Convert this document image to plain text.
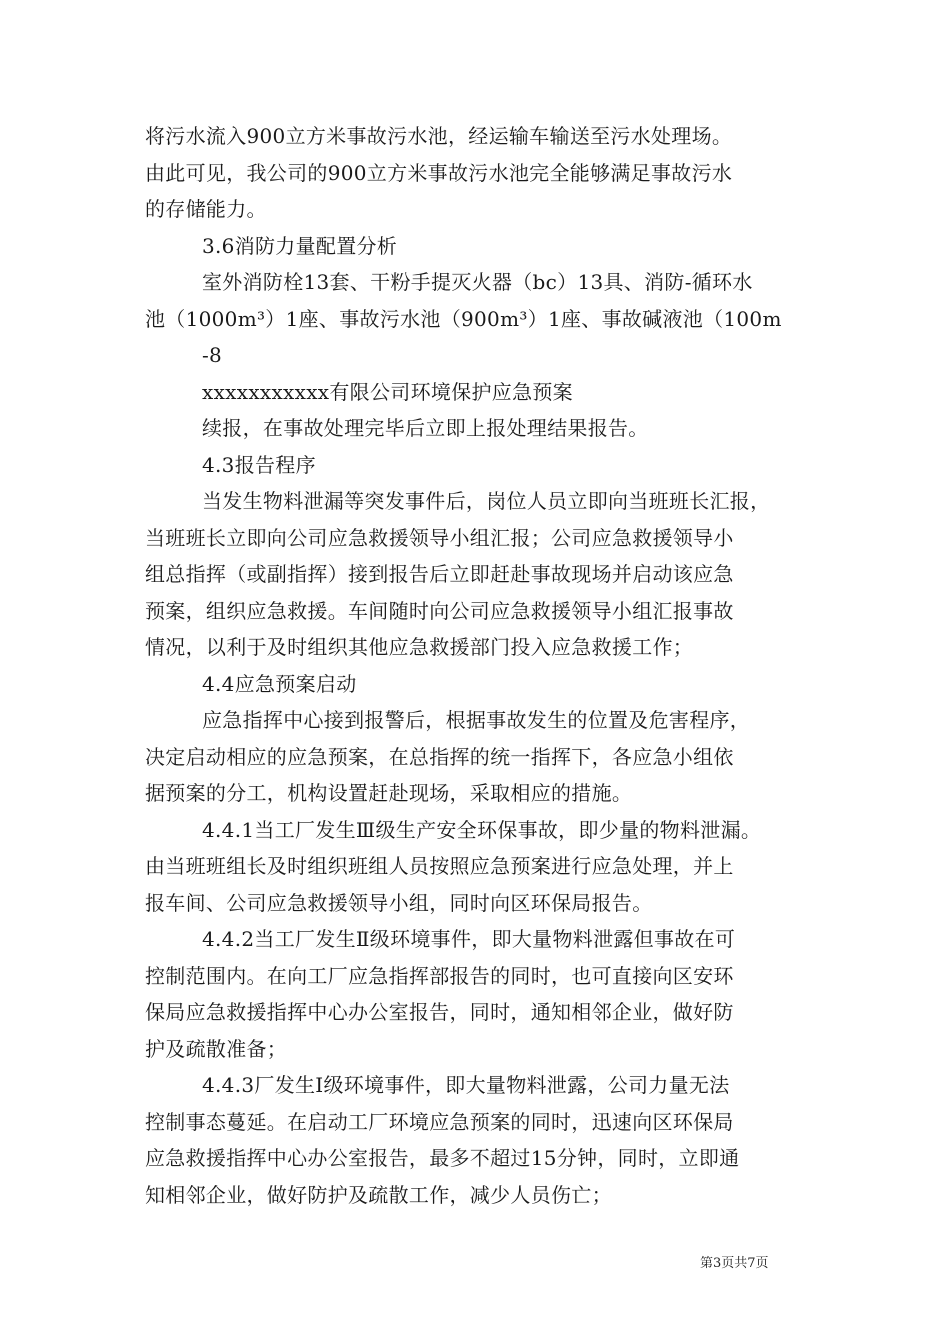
将污水流入900立方米事故污水池，经运输车输送至污水处理场。
由此可见，我公司的900立方米事故污水池完全能够满足事故污水
的存储能力。
3.6消防力量配置分析
室外消防栓13套、干粉手提灭火器（bc）13具、消防-循环水
池（1000m³）1座、事故污水池（900m³）1座、事故碱液池（100m
-8
xxxxxxxxxxx有限公司环境保护应急预案
续报，在事故处理完毕后立即上报处理结果报告。
4.3报告程序
当发生物料泄漏等突发事件后，岗位人员立即向当班班长汇报，
当班班长立即向公司应急救援领导小组汇报；公司应急救援领导小
组总指挥（或副指挥）接到报告后立即赶赴事故现场并启动该应急
预案，组织应急救援。车间随时向公司应急救援领导小组汇报事故
情况，以利于及时组织其他应急救援部门投入应急救援工作；
4.4应急预案启动
应急指挥中心接到报警后，根据事故发生的位置及危害程序，
决定启动相应的应急预案，在总指挥的统一指挥下，各应急小组依
据预案的分工，机构设置赶赴现场，采取相应的措施。
4.4.1当工厂发生Ⅲ级生产安全环保事故，即少量的物料泄漏。
由当班班组长及时组织班组人员按照应急预案进行应急处理，并上
报车间、公司应急救援领导小组，同时向区环保局报告。
4.4.2当工厂发生Ⅱ级环境事件，即大量物料泄露但事故在可
控制范围内。在向工厂应急指挥部报告的同时，也可直接向区安环
保局应急救援指挥中心办公室报告，同时，通知相邻企业，做好防
护及疏散准备；
4.4.3厂发生Ⅰ级环境事件，即大量物料泄露，公司力量无法
控制事态蔓延。在启动工厂环境应急预案的同时，迅速向区环保局
应急救援指挥中心办公室报告，最多不超过15分钟，同时，立即通
知相邻企业，做好防护及疏散工作，减少人员伤亡；
第3页共7页
